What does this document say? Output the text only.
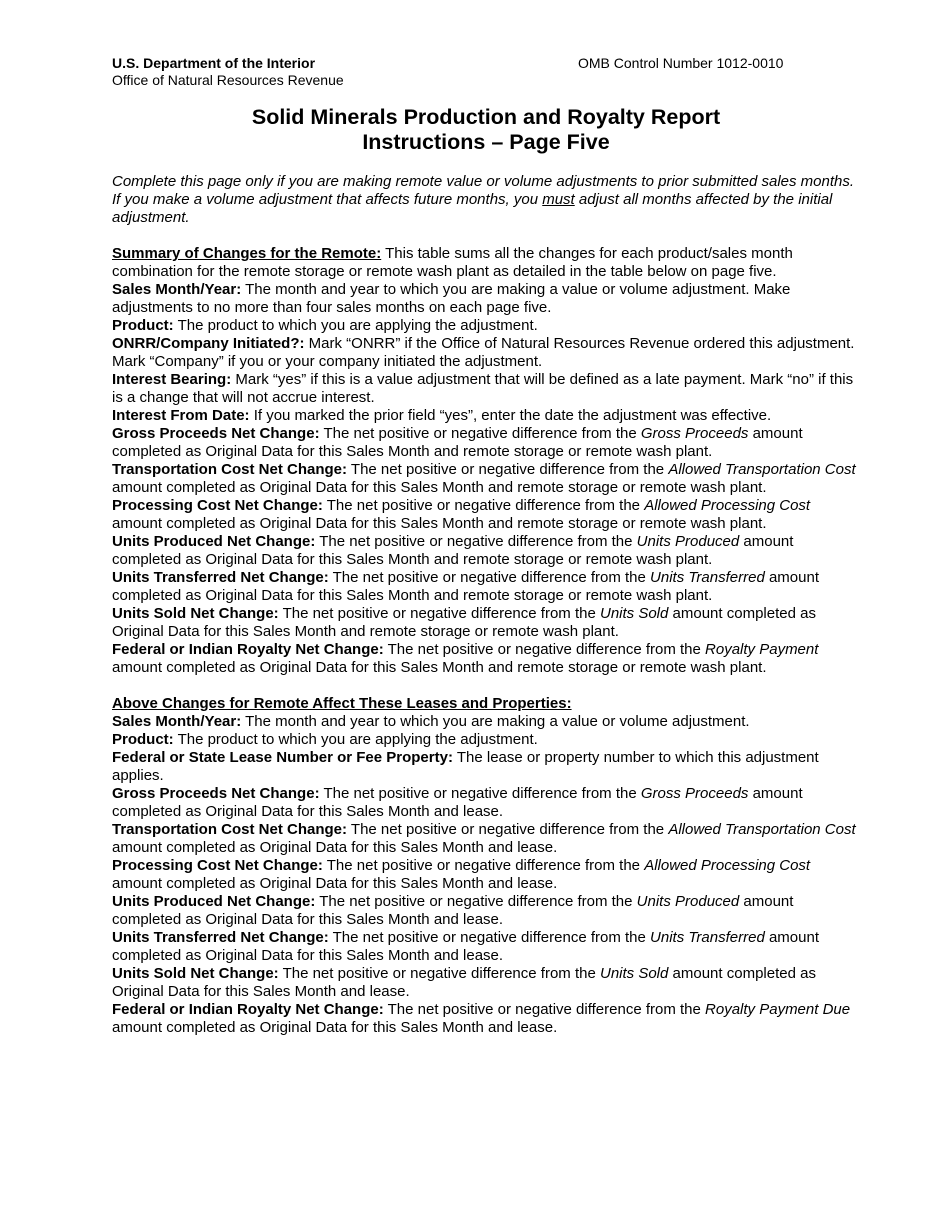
U.S. Department of the Interior
Office of Natural Resources Revenue
OMB Control Number 1012-0010
Solid Minerals Production and Royalty Report
Instructions – Page Five

Complete this page only if you are making remote value or volume adjustments to prior submitted sales months. If you make a volume adjustment that affects future months, you must adjust all months affected by the initial adjustment.

Summary of Changes for the Remote: This table sums all the changes for each product/sales month combination for the remote storage or remote wash plant as detailed in the table below on page five.

Sales Month/Year: The month and year to which you are making a value or volume adjustment. Make adjustments to no more than four sales months on each page five.

Product: The product to which you are applying the adjustment.

ONRR/Company Initiated?: Mark “ONRR” if the Office of Natural Resources Revenue ordered this adjustment. Mark “Company” if you or your company initiated the adjustment.

Interest Bearing: Mark “yes” if this is a value adjustment that will be defined as a late payment. Mark “no” if this is a change that will not accrue interest.

Interest From Date: If you marked the prior field “yes”, enter the date the adjustment was effective.

Gross Proceeds Net Change: The net positive or negative difference from the Gross Proceeds amount completed as Original Data for this Sales Month and remote storage or remote wash plant.

Transportation Cost Net Change: The net positive or negative difference from the Allowed Transportation Cost amount completed as Original Data for this Sales Month and remote storage or remote wash plant.

Processing Cost Net Change: The net positive or negative difference from the Allowed Processing Cost amount completed as Original Data for this Sales Month and remote storage or remote wash plant.

Units Produced Net Change: The net positive or negative difference from the Units Produced amount completed as Original Data for this Sales Month and remote storage or remote wash plant.

Units Transferred Net Change: The net positive or negative difference from the Units Transferred amount completed as Original Data for this Sales Month and remote storage or remote wash plant.

Units Sold Net Change: The net positive or negative difference from the Units Sold amount completed as Original Data for this Sales Month and remote storage or remote wash plant.

Federal or Indian Royalty Net Change: The net positive or negative difference from the Royalty Payment amount completed as Original Data for this Sales Month and remote storage or remote wash plant.

Above Changes for Remote Affect These Leases and Properties:

Sales Month/Year: The month and year to which you are making a value or volume adjustment.

Product: The product to which you are applying the adjustment.

Federal or State Lease Number or Fee Property: The lease or property number to which this adjustment applies.

Gross Proceeds Net Change: The net positive or negative difference from the Gross Proceeds amount completed as Original Data for this Sales Month and lease.

Transportation Cost Net Change: The net positive or negative difference from the Allowed Transportation Cost amount completed as Original Data for this Sales Month and lease.

Processing Cost Net Change: The net positive or negative difference from the Allowed Processing Cost amount completed as Original Data for this Sales Month and lease.

Units Produced Net Change: The net positive or negative difference from the Units Produced amount completed as Original Data for this Sales Month and lease.

Units Transferred Net Change: The net positive or negative difference from the Units Transferred amount completed as Original Data for this Sales Month and lease.

Units Sold Net Change: The net positive or negative difference from the Units Sold amount completed as Original Data for this Sales Month and lease.

Federal or Indian Royalty Net Change: The net positive or negative difference from the Royalty Payment Due amount completed as Original Data for this Sales Month and lease.
